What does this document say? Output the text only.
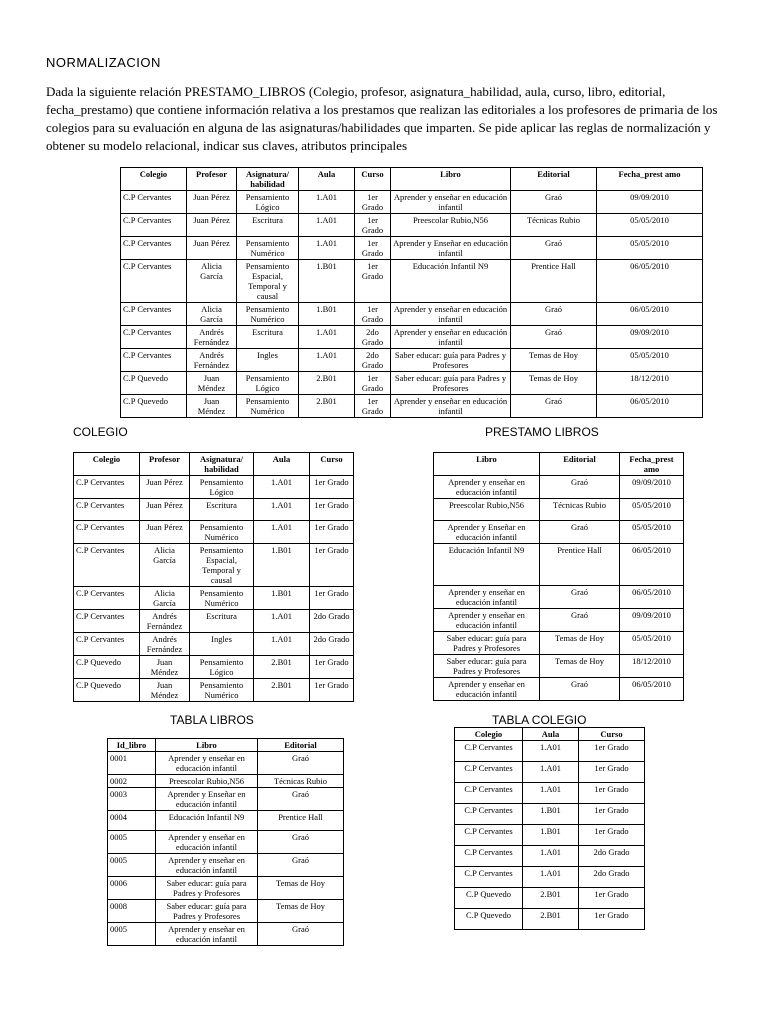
NORMALIZACION
Dada la siguiente relación PRESTAMO_LIBROS (Colegio, profesor, asignatura_habilidad, aula, curso, libro, editorial, fecha_prestamo) que contiene información relativa a los prestamos que realizan las editoriales a los profesores de primaria de los colegios para su evaluación en alguna de las asignaturas/habilidades que imparten. Se pide aplicar las reglas de normalización y obtener su modelo relacional, indicar sus claves, atributos principales
Colegio	Profesor	Asignatura/ habilidad	Aula	Curso	Libro	Editorial	Fecha_prest amo
C.P Cervantes	Juan Pérez	Pensamiento Lógico	1.A01	1er Grado	Aprender y enseñar en educación infantil	Graó	09/09/2010
C.P Cervantes	Juan Pérez	Escritura	1.A01	1er Grado	Preescolar Rubio,N56	Técnicas Rubio	05/05/2010
C.P Cervantes	Juan Pérez	Pensamiento Numérico	1.A01	1er Grado	Aprender y Enseñar en educación infantil	Graó	05/05/2010
C.P Cervantes	Alicia García	Pensamiento Espacial, Temporal y causal	1.B01	1er Grado	Educación Infantil N9	Prentice Hall	06/05/2010
C.P Cervantes	Alicia García	Pensamiento Numérico	1.B01	1er Grado	Aprender y enseñar en educación infantil	Graó	06/05/2010
C.P Cervantes	Andrés Fernández	Escritura	1.A01	2do Grado	Aprender y enseñar en educación infantil	Graó	09/09/2010
C.P Cervantes	Andrés Fernández	Ingles	1.A01	2do Grado	Saber educar: guía para Padres y Profesores	Temas de Hoy	05/05/2010
C.P Quevedo	Juan Méndez	Pensamiento Lógico	2.B01	1er Grado	Saber educar: guía para Padres y Profesores	Temas de Hoy	18/12/2010
C.P Quevedo	Juan Méndez	Pensamiento Numérico	2.B01	1er Grado	Aprender y enseñar en educación infantil	Graó	06/05/2010
COLEGIO
Colegio	Profesor	Asignatura/ habilidad	Aula	Curso
C.P Cervantes	Juan Pérez	Pensamiento Lógico	1.A01	1er Grado
C.P Cervantes	Juan Pérez	Escritura	1.A01	1er Grado
C.P Cervantes	Juan Pérez	Pensamiento Numérico	1.A01	1er Grado
C.P Cervantes	Alicia García	Pensamiento Espacial, Temporal y causal	1.B01	1er Grado
C.P Cervantes	Alicia García	Pensamiento Numérico	1.B01	1er Grado
C.P Cervantes	Andrés Fernández	Escritura	1.A01	2do Grado
C.P Cervantes	Andrés Fernández	Ingles	1.A01	2do Grado
C.P Quevedo	Juan Méndez	Pensamiento Lógico	2.B01	1er Grado
C.P Quevedo	Juan Méndez	Pensamiento Numérico	2.B01	1er Grado
PRESTAMO LIBROS
Libro	Editorial	Fecha_prest amo
Aprender y enseñar en educación infantil	Graó	09/09/2010
Preescolar Rubio,N56	Técnicas Rubio	05/05/2010
Aprender y Enseñar en educación infantil	Graó	05/05/2010
Educación Infantil N9	Prentice Hall	06/05/2010
Aprender y enseñar en educación infantil	Graó	06/05/2010
Aprender y enseñar en educación infantil	Graó	09/09/2010
Saber educar: guía para Padres y Profesores	Temas de Hoy	05/05/2010
Saber educar: guía para Padres y Profesores	Temas de Hoy	18/12/2010
Aprender y enseñar en educación infantil	Graó	06/05/2010
TABLA LIBROS
Id_libro	Libro	Editorial
0001	Aprender y enseñar en educación infantil	Graó
0002	Preescolar Rubio,N56	Técnicas Rubio
0003	Aprender y Enseñar en educación infantil	Graó
0004	Educación Infantil N9	Prentice Hall
0005	Aprender y enseñar en educación infantil	Graó
0005	Aprender y enseñar en educación infantil	Graó
0006	Saber educar: guía para Padres y Profesores	Temas de Hoy
0008	Saber educar: guía para Padres y Profesores	Temas de Hoy
0005	Aprender y enseñar en educación infantil	Graó
TABLA COLEGIO
Colegio	Aula	Curso
C.P Cervantes	1.A01	1er Grado
C.P Cervantes	1.A01	1er Grado
C.P Cervantes	1.A01	1er Grado
C.P Cervantes	1.B01	1er Grado
C.P Cervantes	1.B01	1er Grado
C.P Cervantes	1.A01	2do Grado
C.P Cervantes	1.A01	2do Grado
C.P Quevedo	2.B01	1er Grado
C.P Quevedo	2.B01	1er Grado
